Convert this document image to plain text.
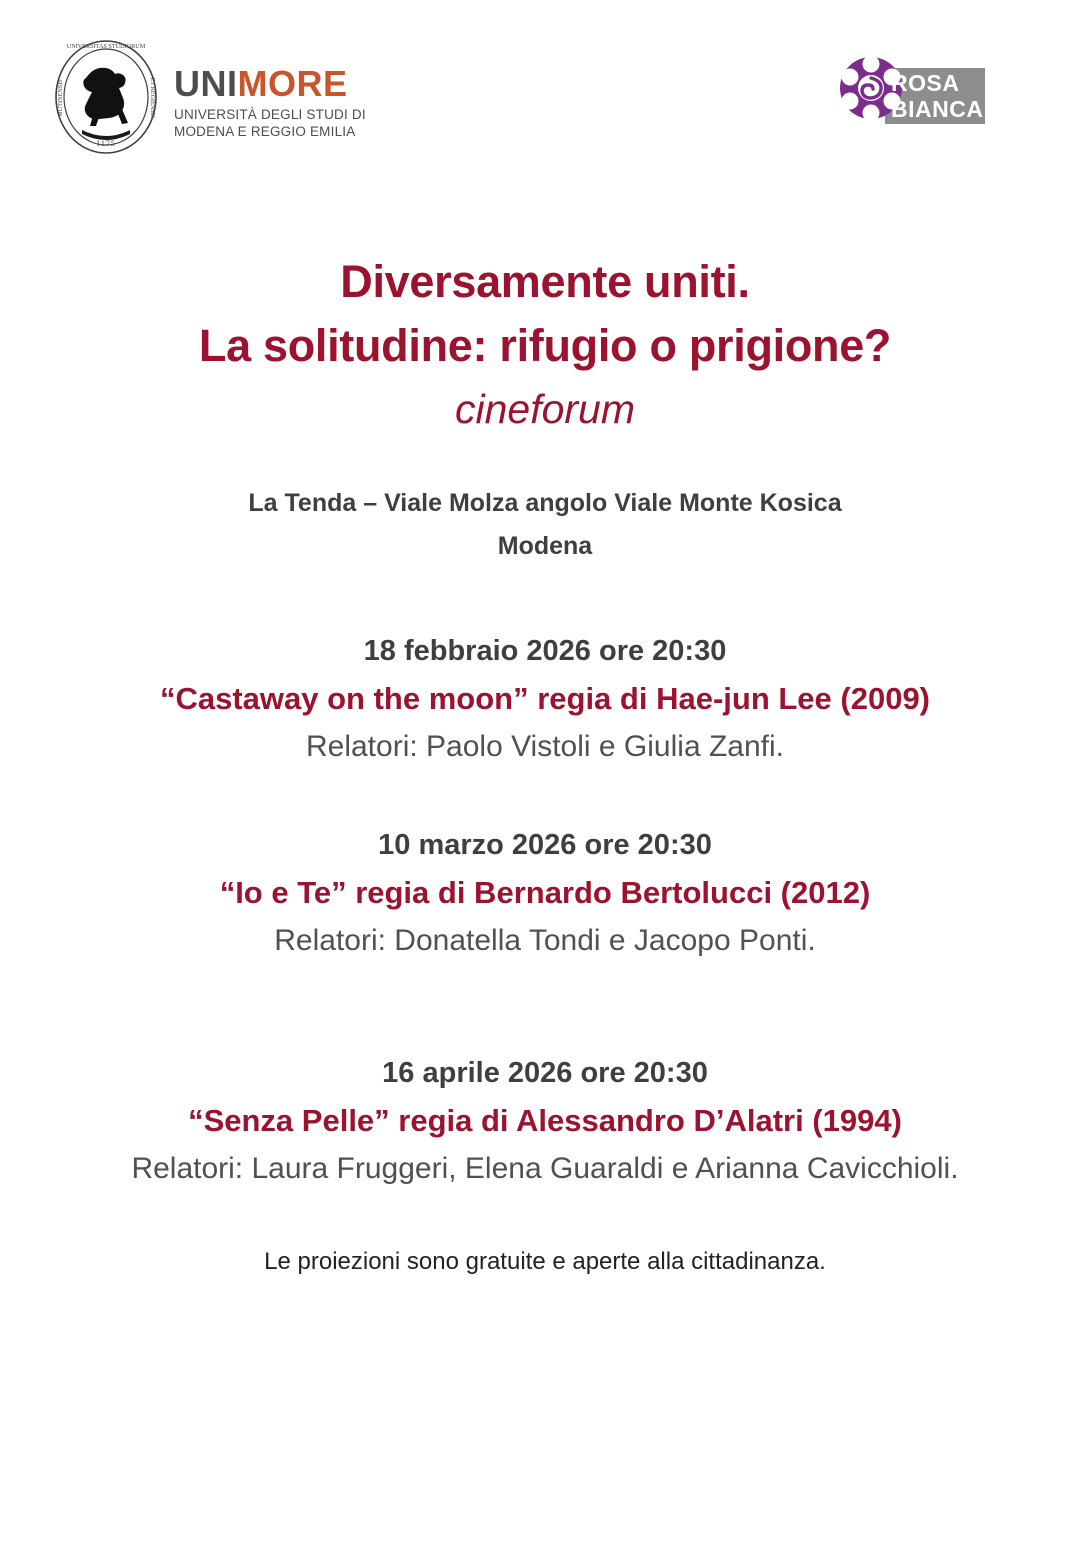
1175
UNIVERSITAS STUDIORUM
MUTINENSIS	ET REGIENSIS UNIMORE
UNIVERSITÀ DEGLI STUDI DI
MODENA E REGGIO EMILIA
ROSA
BIANCA
Diversamente uniti.
La solitudine: rifugio o prigione?
cineforum
La Tenda – Viale Molza angolo Viale Monte Kosica
Modena
18 febbraio 2026 ore 20:30
“Castaway on the moon” regia di Hae-jun Lee (2009)
Relatori: Paolo Vistoli e Giulia Zanfi.
10 marzo 2026 ore 20:30
“Io e Te” regia di Bernardo Bertolucci (2012)
Relatori: Donatella Tondi e Jacopo Ponti.
16 aprile 2026 ore 20:30
“Senza Pelle” regia di Alessandro D’Alatri (1994)
Relatori: Laura Fruggeri, Elena Guaraldi e Arianna Cavicchioli.
Le proiezioni sono gratuite e aperte alla cittadinanza.
